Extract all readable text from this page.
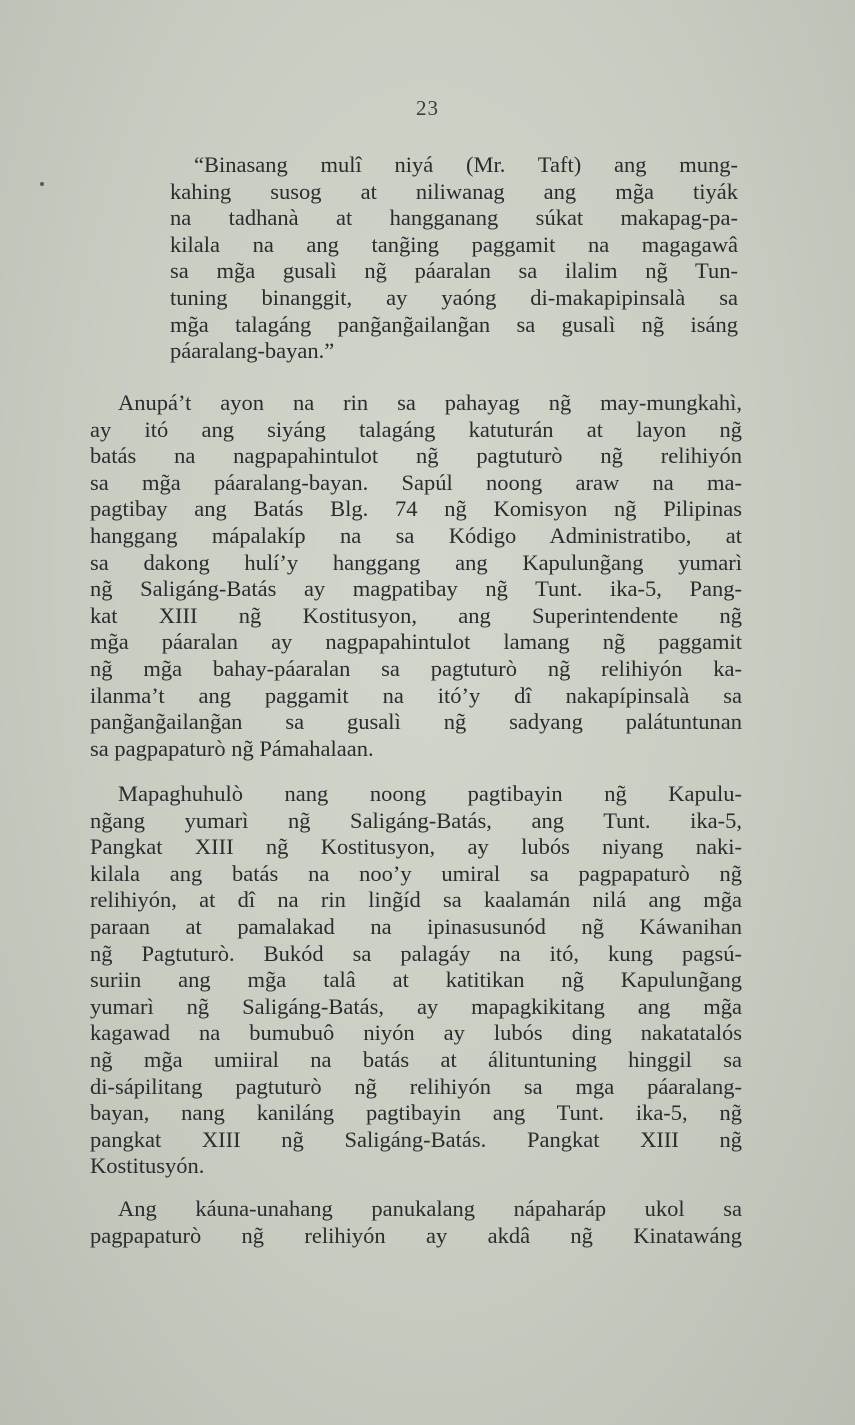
23
“Binasang mulî niyá (Mr. Taft) ang mung-
kahing susog at niliwanag ang mg̃a tiyák
na tadhanà at hangganang súkat makapag-pa-
kilala na ang tang̃ing paggamit na magagawâ
sa mg̃a gusalì ng̃ páaralan sa ilalim ng̃ Tun-
tuning binanggit, ay yaóng di-makapipinsalà sa
mg̃a talagáng pang̃ang̃ailang̃an sa gusalì ng̃ isáng
páaralang-bayan.”
Anupá’t ayon na rin sa pahayag ng̃ may-mungkahì,
ay itó ang siyáng talagáng katuturán at layon ng̃
batás na nagpapahintulot ng̃ pagtuturò ng̃ relihiyón
sa mg̃a páaralang-bayan. Sapúl noong araw na ma-
pagtibay ang Batás Blg. 74 ng̃ Komisyon ng̃ Pilipinas
hanggang mápalakíp na sa Kódigo Administratibo, at
sa dakong hulí’y hanggang ang Kapulung̃ang yumarì
ng̃ Saligáng-Batás ay magpatibay ng̃ Tunt. ika-5, Pang-
kat XIII ng̃ Kostitusyon, ang Superintendente ng̃
mg̃a páaralan ay nagpapahintulot lamang ng̃ paggamit
ng̃ mg̃a bahay-páaralan sa pagtuturò ng̃ relihiyón ka-
ilanma’t ang paggamit na itó’y dî nakapípinsalà sa
pang̃ang̃ailang̃an sa gusalì ng̃ sadyang palátuntunan
sa pagpapaturò ng̃ Pámahalaan.
Mapaghuhulò nang noong pagtibayin ng̃ Kapulu-
ng̃ang yumarì ng̃ Saligáng-Batás, ang Tunt. ika-5,
Pangkat XIII ng̃ Kostitusyon, ay lubós niyang naki-
kilala ang batás na noo’y umiral sa pagpapaturò ng̃
relihiyón, at dî na rin ling̃íd sa kaalamán nilá ang mg̃a
paraan at pamalakad na ipinasusunód ng̃ Káwanihan
ng̃ Pagtuturò. Bukód sa palagáy na itó, kung pagsú-
suriin ang mg̃a talâ at katitikan ng̃ Kapulung̃ang
yumarì ng̃ Saligáng-Batás, ay mapagkikitang ang mg̃a
kagawad na bumubuô niyón ay lubós ding nakatatalós
ng̃ mg̃a umiiral na batás at álituntuning hinggil sa
di-sápilitang pagtuturò ng̃ relihiyón sa mga páaralang-
bayan, nang kaniláng pagtibayin ang Tunt. ika-5, ng̃
pangkat XIII ng̃ Saligáng-Batás. Pangkat XIII ng̃
Kostitusyón.
Ang káuna-unahang panukalang nápaharáp ukol sa
pagpapaturò ng̃ relihiyón ay akdâ ng̃ Kinatawáng
